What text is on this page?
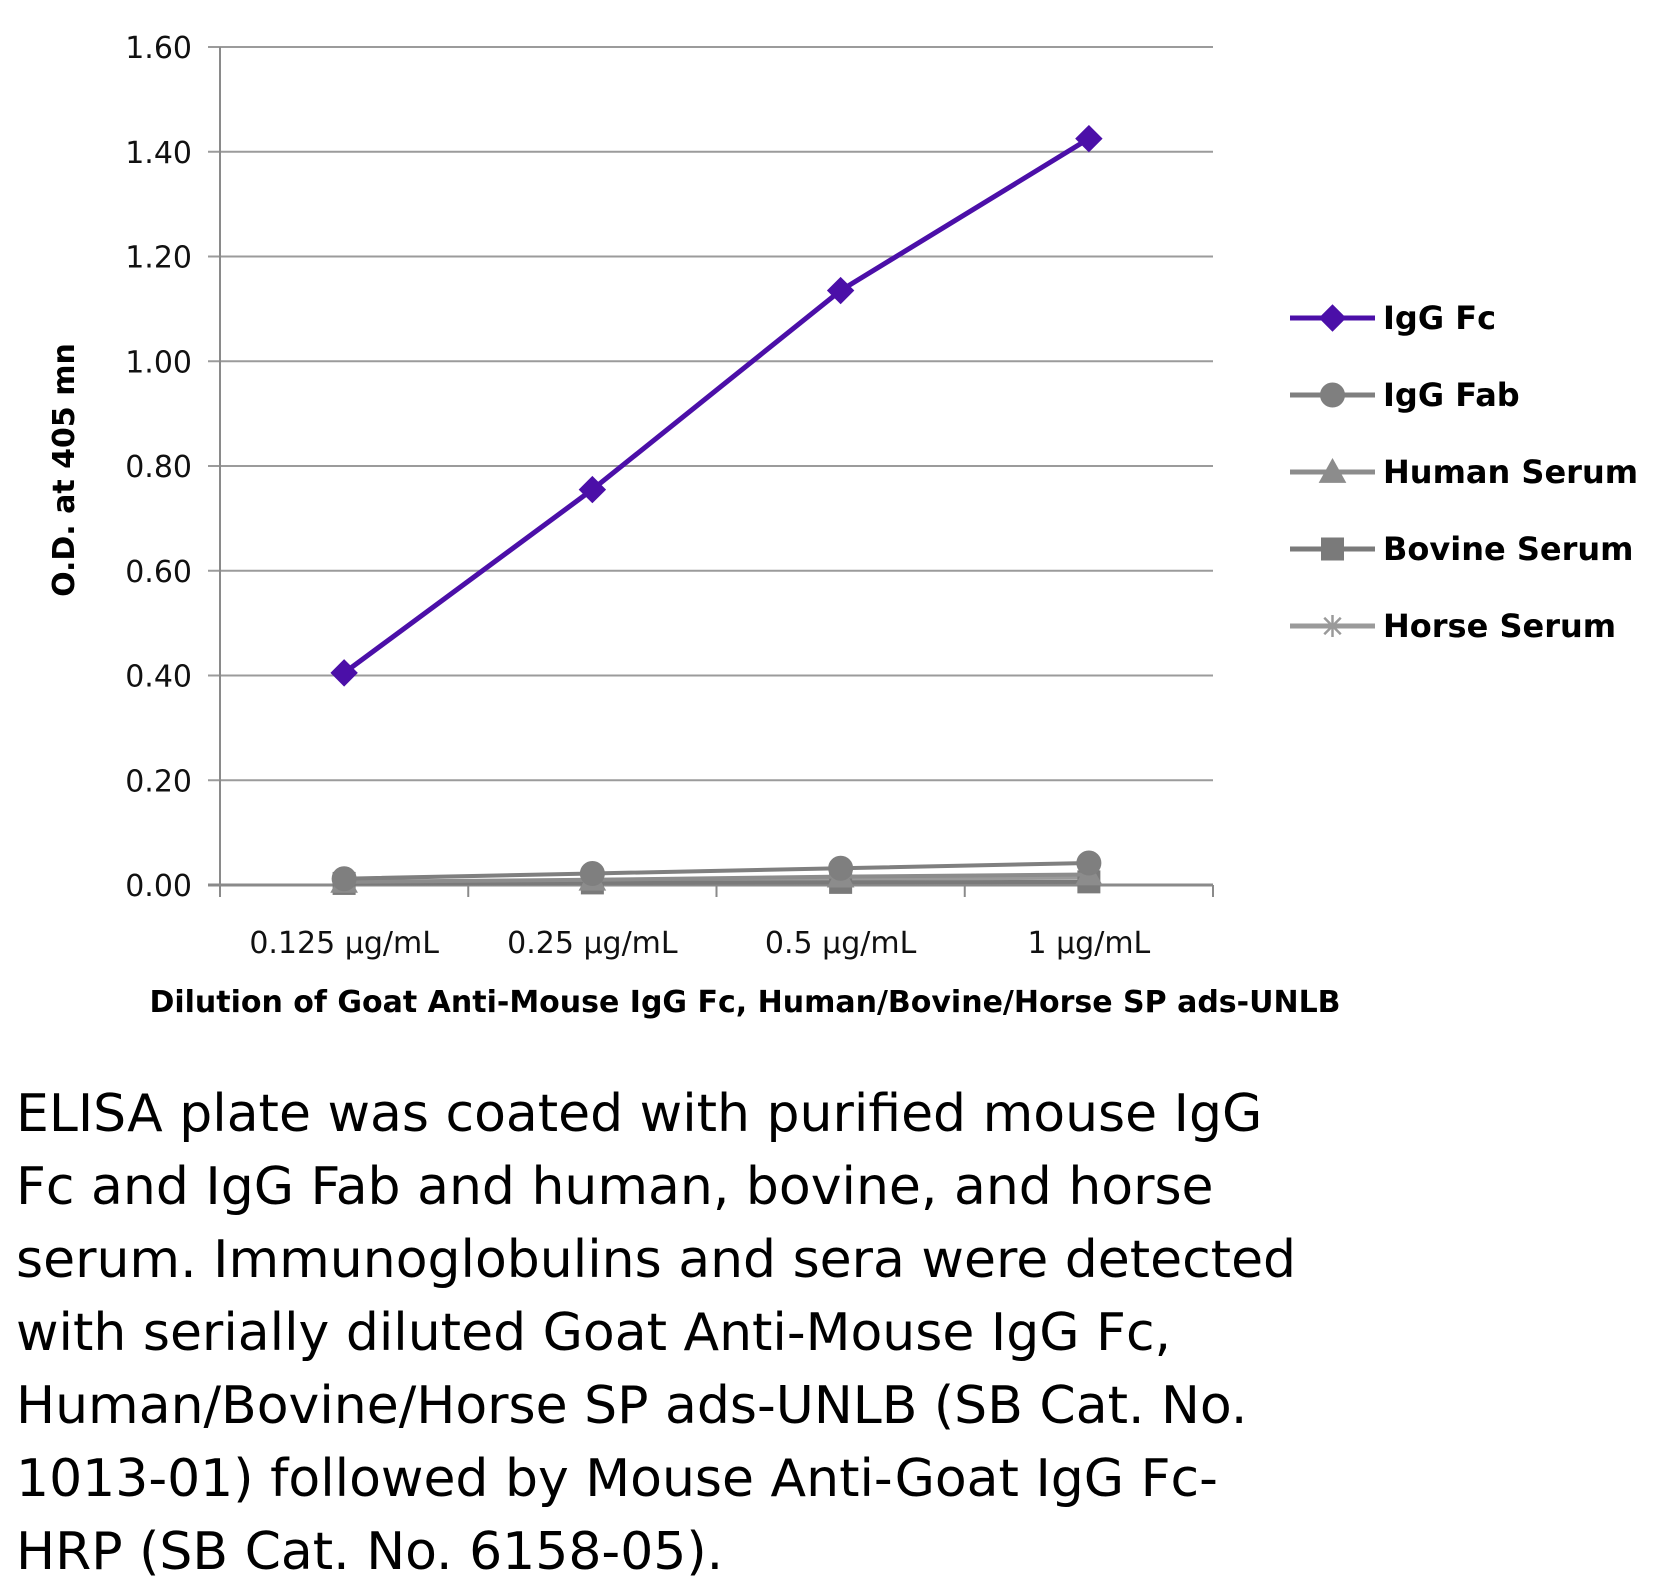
0.00
0.20
0.40
0.60
0.80
1.00
1.20
1.40
1.60
0.125 µg/mL 0.25 µg/mL	0.5 µg/mL	1 µg/mL
IgG Fc
IgG Fab
Human Serum
Bovine Serum
Horse Serum
O.D. at 405 mn
Dilution of Goat Anti-Mouse IgG Fc, Human/Bovine/Horse SP ads-UNLB

ELISA plate was coated with purified mouse IgG
Fc and IgG Fab and human, bovine, and horse
serum. Immunoglobulins and sera were detected
with serially diluted Goat Anti-Mouse IgG Fc,
Human/Bovine/Horse SP ads-UNLB (SB Cat. No.
1013-01) followed by Mouse Anti-Goat IgG Fc-
HRP (SB Cat. No. 6158-05).
